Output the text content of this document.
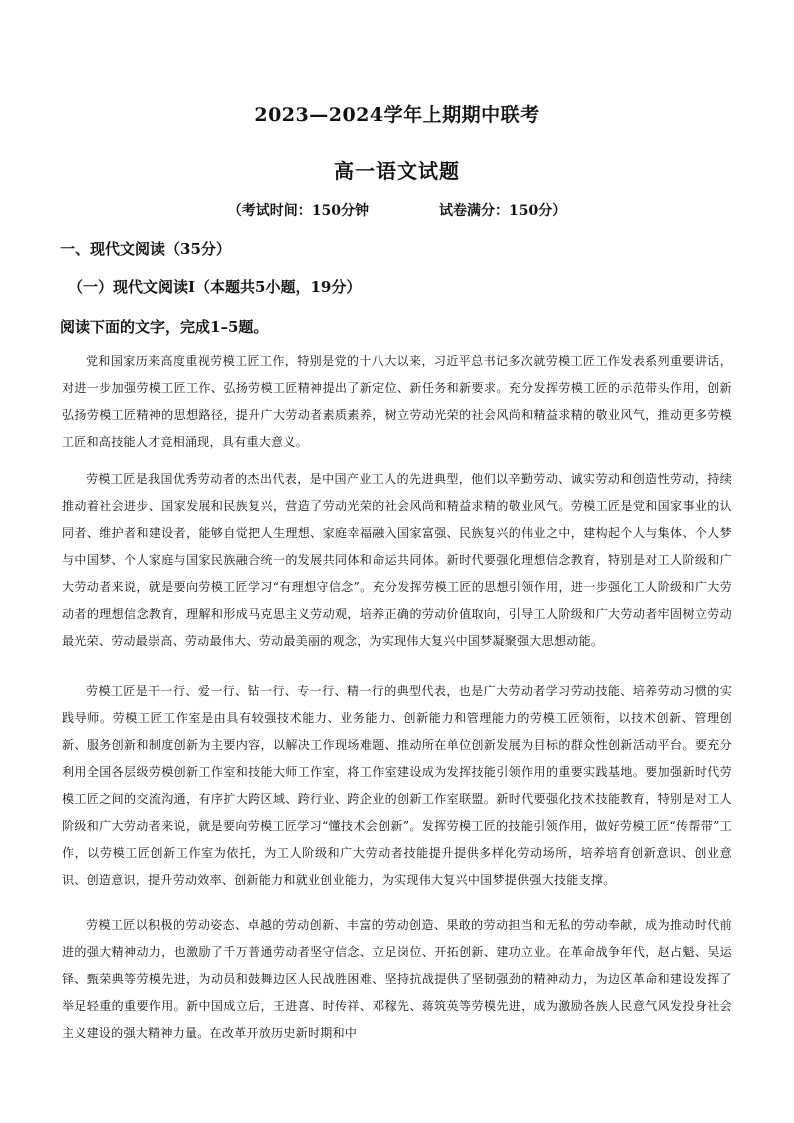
2023—2024学年上期期中联考
高一语文试题
（考试时间：150分钟	试卷满分：150分）
一、现代文阅读（35分）
（一）现代文阅读Ⅰ（本题共5小题，19分）
阅读下面的文字，完成1–5题。

党和国家历来高度重视劳模工匠工作，特别是党的十八大以来，习近平总书记多次就劳模工匠工作发表系列重要讲话，对进一步加强劳模工匠工作、弘扬劳模工匠精神提出了新定位、新任务和新要求。充分发挥劳模工匠的示范带头作用，创新弘扬劳模工匠精神的思想路径，提升广大劳动者素质素养，树立劳动光荣的社会风尚和精益求精的敬业风气，推动更多劳模工匠和高技能人才竞相涌现，具有重大意义。

劳模工匠是我国优秀劳动者的杰出代表，是中国产业工人的先进典型，他们以辛勤劳动、诚实劳动和创造性劳动，持续推动着社会进步、国家发展和民族复兴，营造了劳动光荣的社会风尚和精益求精的敬业风气。劳模工匠是党和国家事业的认同者、维护者和建设者，能够自觉把人生理想、家庭幸福融入国家富强、民族复兴的伟业之中，建构起个人与集体、个人梦与中国梦、个人家庭与国家民族融合统一的发展共同体和命运共同体。新时代要强化理想信念教育，特别是对工人阶级和广大劳动者来说，就是要向劳模工匠学习“有理想守信念”。充分发挥劳模工匠的思想引领作用，进一步强化工人阶级和广大劳动者的理想信念教育，理解和形成马克思主义劳动观，培养正确的劳动价值取向，引导工人阶级和广大劳动者牢固树立劳动最光荣、劳动最崇高、劳动最伟大、劳动最美丽的观念，为实现伟大复兴中国梦凝聚强大思想动能。

劳模工匠是干一行、爱一行、钻一行、专一行、精一行的典型代表，也是广大劳动者学习劳动技能、培养劳动习惯的实践导师。劳模工匠工作室是由具有较强技术能力、业务能力、创新能力和管理能力的劳模工匠领衔，以技术创新、管理创新、服务创新和制度创新为主要内容，以解决工作现场难题、推动所在单位创新发展为目标的群众性创新活动平台。要充分利用全国各层级劳模创新工作室和技能大师工作室，将工作室建设成为发挥技能引领作用的重要实践基地。要加强新时代劳模工匠之间的交流沟通，有序扩大跨区域、跨行业、跨企业的创新工作室联盟。新时代要强化技术技能教育，特别是对工人阶级和广大劳动者来说，就是要向劳模工匠学习“懂技术会创新”。发挥劳模工匠的技能引领作用，做好劳模工匠“传帮带”工作，以劳模工匠创新工作室为依托，为工人阶级和广大劳动者技能提升提供多样化劳动场所，培养培育创新意识、创业意识、创造意识，提升劳动效率、创新能力和就业创业能力，为实现伟大复兴中国梦提供强大技能支撑。

劳模工匠以积极的劳动姿态、卓越的劳动创新、丰富的劳动创造、果敢的劳动担当和无私的劳动奉献，成为推动时代前进的强大精神动力，也激励了千万普通劳动者坚守信念、立足岗位、开拓创新、建功立业。在革命战争年代，赵占魁、吴运铎、甄荣典等劳模先进，为动员和鼓舞边区人民战胜困难、坚持抗战提供了坚韧强劲的精神动力，为边区革命和建设发挥了举足轻重的重要作用。新中国成立后，王进喜、时传祥、邓稼先、蒋筑英等劳模先进，成为激励各族人民意气风发投身社会主义建设的强大精神力量。在改革开放历史新时期和中
